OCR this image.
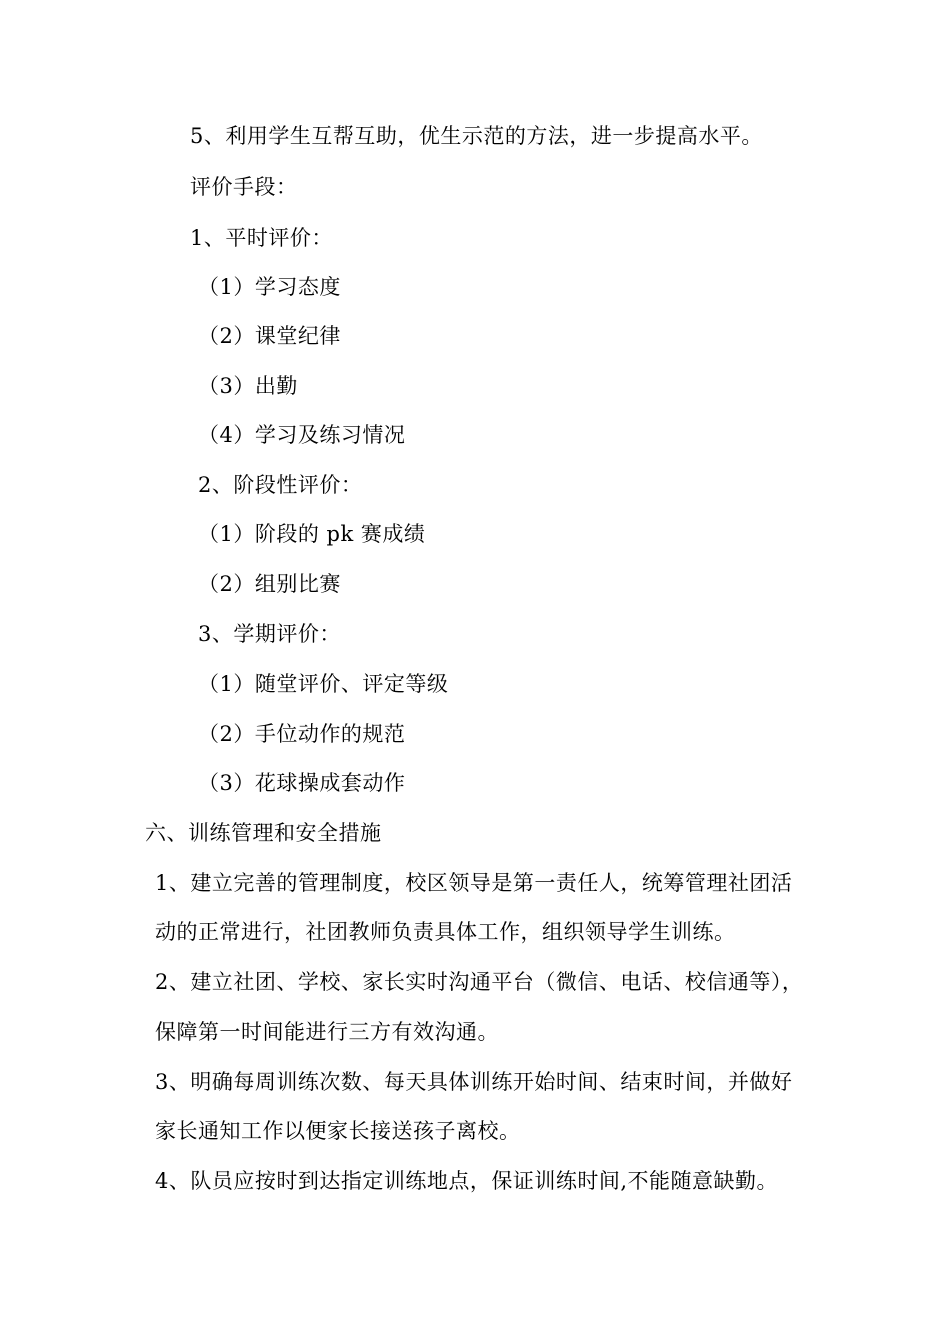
5、利用学生互帮互助，优生示范的方法，进一步提高水平。
评价手段：
1、平时评价：
（1）学习态度
（2）课堂纪律
（3）出勤
（4）学习及练习情况
2、阶段性评价：
（1）阶段的 pk 赛成绩
（2）组别比赛
3、学期评价：
（1）随堂评价、评定等级
（2）手位动作的规范
（3）花球操成套动作
六、训练管理和安全措施
1、建立完善的管理制度，校区领导是第一责任人，统筹管理社团活
动的正常进行，社团教师负责具体工作，组织领导学生训练。
2、建立社团、学校、家长实时沟通平台（微信、电话、校信通等），
保障第一时间能进行三方有效沟通。
3、明确每周训练次数、每天具体训练开始时间、结束时间，并做好
家长通知工作以便家长接送孩子离校。
4、队员应按时到达指定训练地点，保证训练时间,不能随意缺勤。
